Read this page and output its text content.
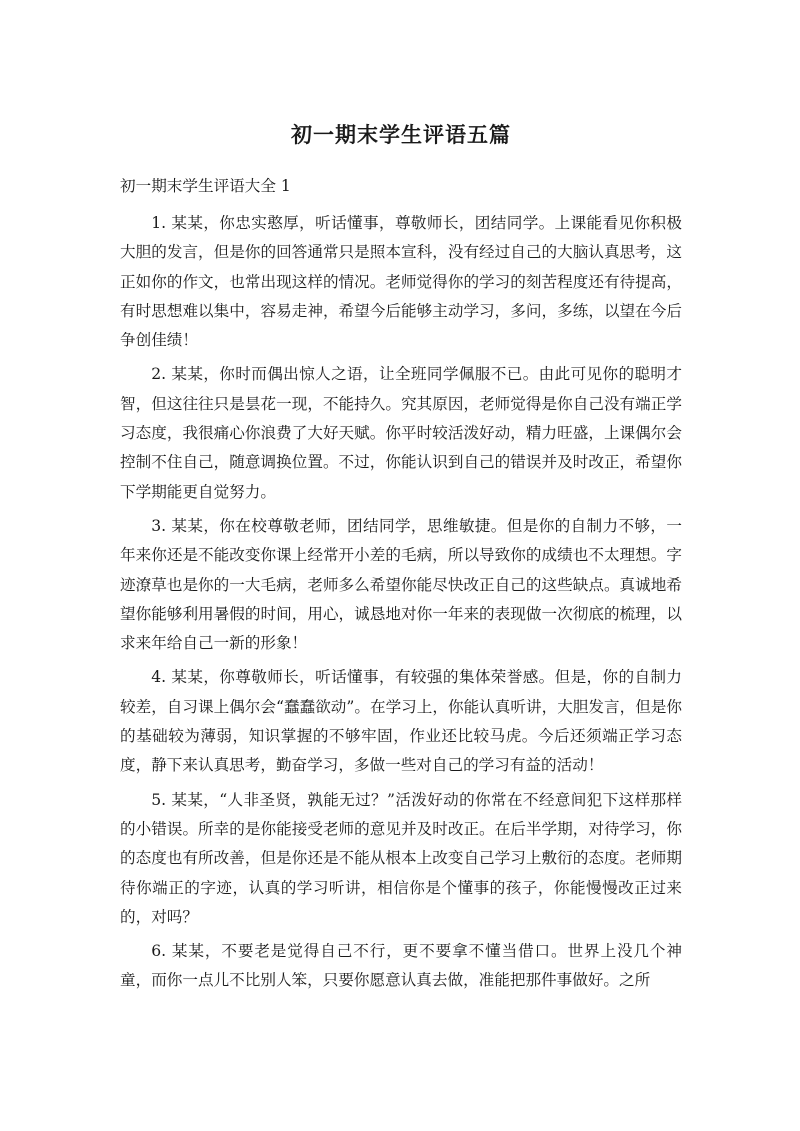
初一期末学生评语五篇

初一期末学生评语大全 1

1. 某某，你忠实憨厚，听话懂事，尊敬师长，团结同学。上课能看见你积极大胆的发言，但是你的回答通常只是照本宣科，没有经过自己的大脑认真思考，这正如你的作文，也常出现这样的情况。老师觉得你的学习的刻苦程度还有待提高，有时思想难以集中，容易走神，希望今后能够主动学习，多问，多练，以望在今后争创佳绩！

2. 某某，你时而偶出惊人之语，让全班同学佩服不已。由此可见你的聪明才智，但这往往只是昙花一现，不能持久。究其原因，老师觉得是你自己没有端正学习态度，我很痛心你浪费了大好天赋。你平时较活泼好动，精力旺盛，上课偶尔会控制不住自己，随意调换位置。不过，你能认识到自己的错误并及时改正，希望你下学期能更自觉努力。

3. 某某，你在校尊敬老师，团结同学，思维敏捷。但是你的自制力不够，一年来你还是不能改变你课上经常开小差的毛病，所以导致你的成绩也不太理想。字迹潦草也是你的一大毛病，老师多么希望你能尽快改正自己的这些缺点。真诚地希望你能够利用暑假的时间，用心，诚恳地对你一年来的表现做一次彻底的梳理，以求来年给自己一新的形象！

4. 某某，你尊敬师长，听话懂事，有较强的集体荣誉感。但是，你的自制力较差，自习课上偶尔会“蠢蠢欲动”。在学习上，你能认真听讲，大胆发言，但是你的基础较为薄弱，知识掌握的不够牢固，作业还比较马虎。今后还须端正学习态度，静下来认真思考，勤奋学习，多做一些对自己的学习有益的活动！

5. 某某，“人非圣贤，孰能无过？”活泼好动的你常在不经意间犯下这样那样的小错误。所幸的是你能接受老师的意见并及时改正。在后半学期，对待学习，你的态度也有所改善，但是你还是不能从根本上改变自己学习上敷衍的态度。老师期待你端正的字迹，认真的学习听讲，相信你是个懂事的孩子，你能慢慢改正过来的，对吗？

6. 某某，不要老是觉得自己不行，更不要拿不懂当借口。世界上没几个神童，而你一点儿不比别人笨，只要你愿意认真去做，准能把那件事做好。之所
